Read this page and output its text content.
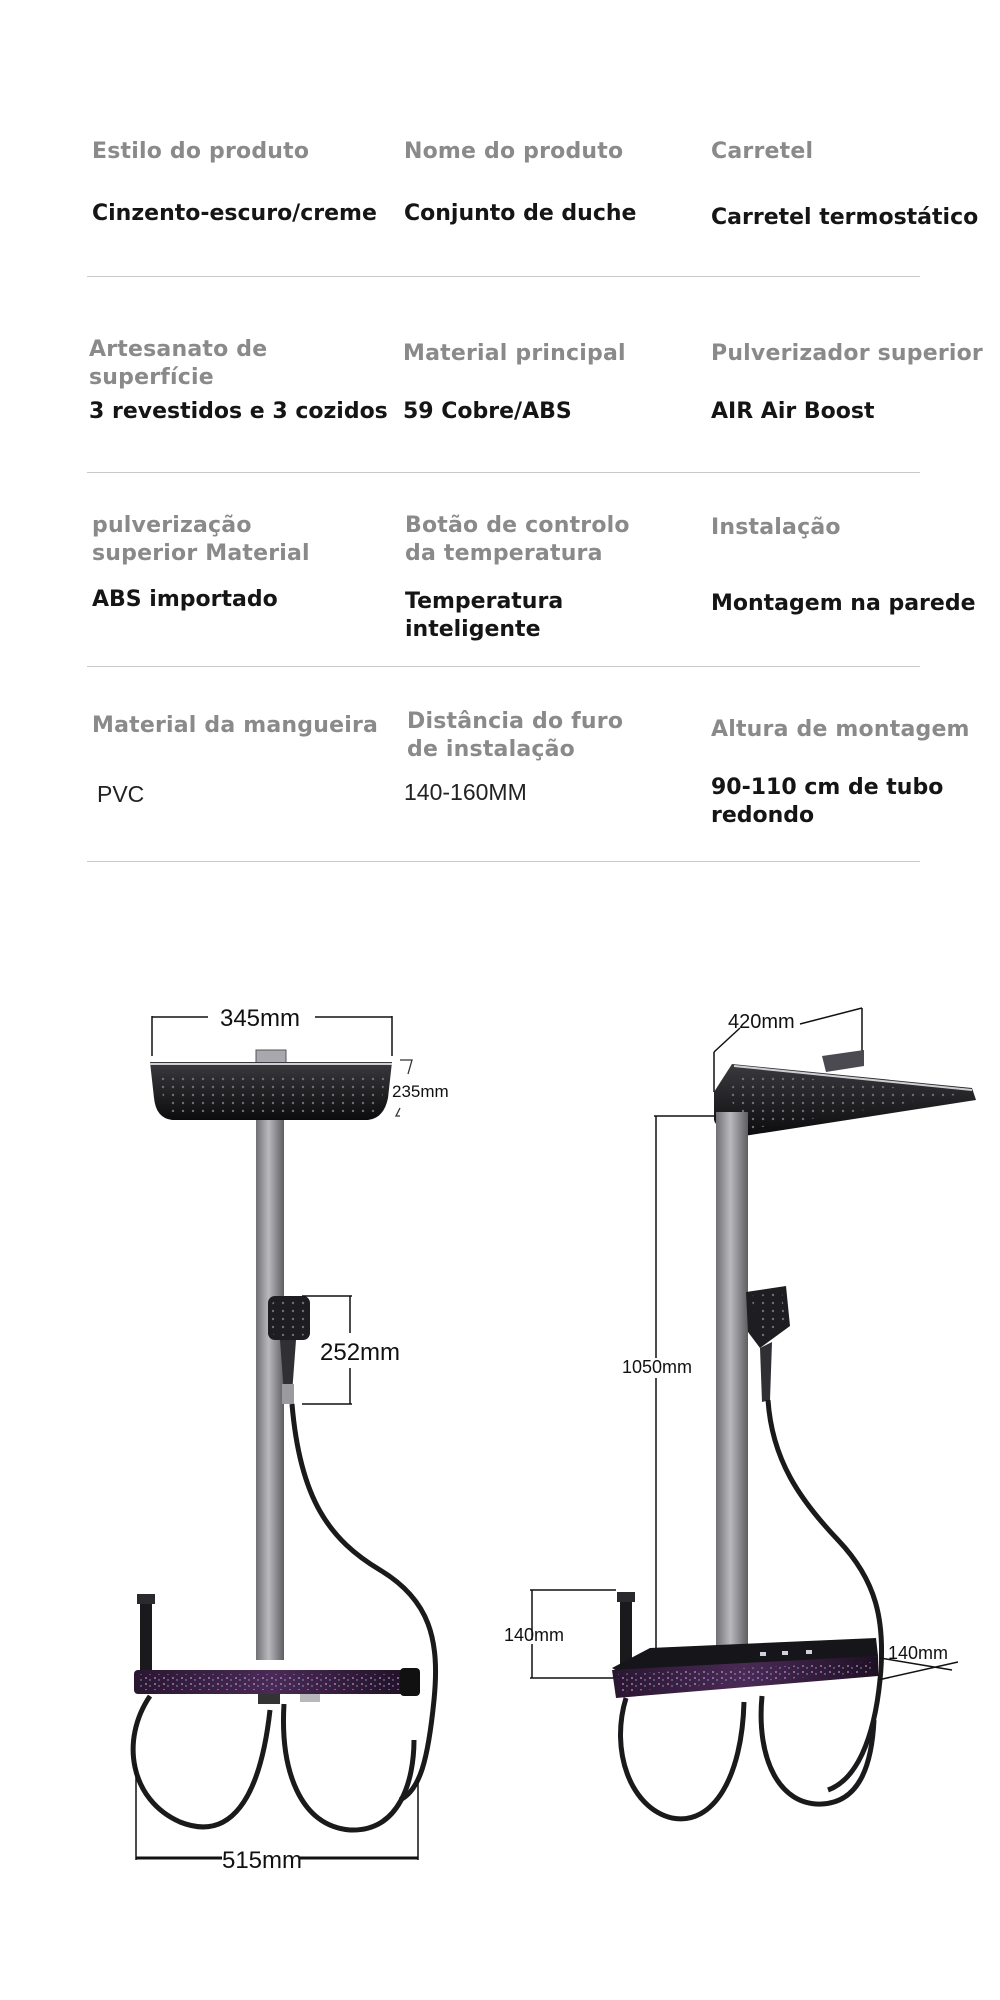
Estilo do produto
Cinzento-escuro/creme
Nome do produto
Conjunto de duche
Carretel
Carretel termostático
Artesanato de superfície
3 revestidos e 3 cozidos
Material principal
59 Cobre/ABS
Pulverizador superior
AIR Air Boost
pulverização
superior Material
ABS importado
Botão de controlo
da temperatura
Temperatura
inteligente
Instalação
Montagem na parede
Material da mangueira
PVC
Distância do furo
de instalação
140-160MM
Altura de montagem
90-110 cm de tubo
redondo
345mm
235mm
252mm
515mm
420mm
1050mm
140mm
140mm
